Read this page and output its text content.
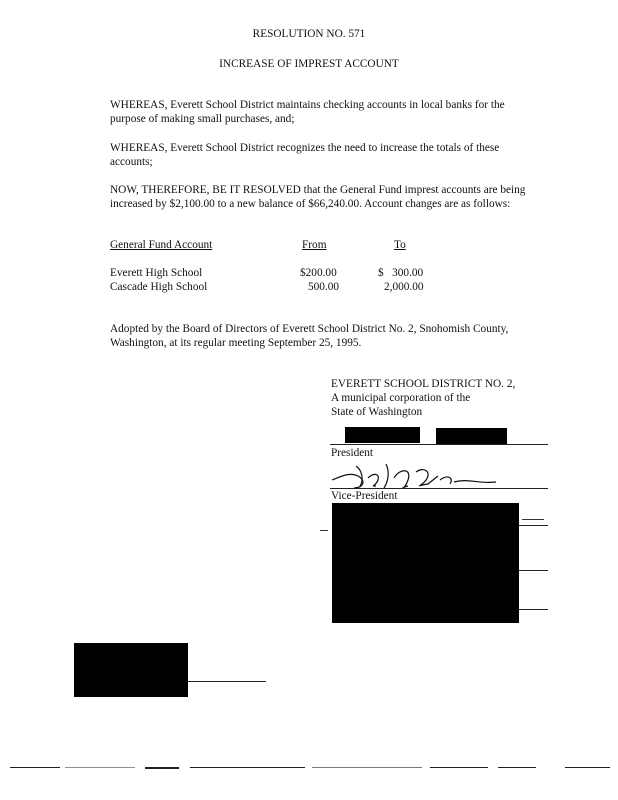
RESOLUTION NO. 571
INCREASE OF IMPREST ACCOUNT
WHEREAS, Everett School District maintains checking accounts in local banks for the
purpose of making small purchases, and;
WHEREAS, Everett School District recognizes the need to increase the totals of these
accounts;
NOW, THEREFORE, BE IT RESOLVED that the General Fund imprest accounts are being
increased by $2,100.00 to a new balance of $66,240.00. Account changes are as follows:
General Fund Account	From	To
Everett High School	$200.00	$   300.00
Cascade High School	500.00	2,000.00
Adopted by the Board of Directors of Everett School District No. 2, Snohomish County,
Washington, at its regular meeting September 25, 1995.
EVERETT SCHOOL DISTRICT NO. 2,
A municipal corporation of the
State of Washington
President
Vice-President
